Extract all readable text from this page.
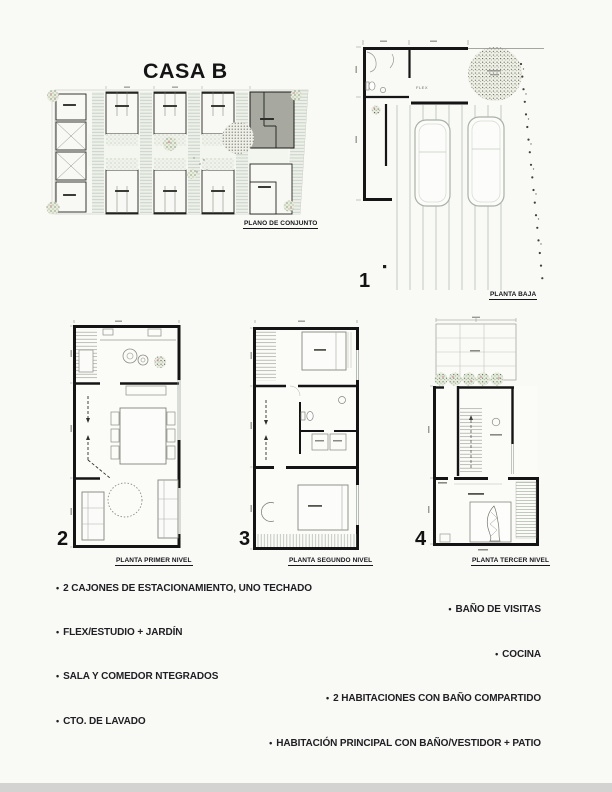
CASA B
PLANO DE CONJUNTO
FLEX
1
PLANTA BAJA
2
PLANTA PRIMER NIVEL
3
PLANTA SEGUNDO NIVEL
4
PLANTA TERCER NIVEL
• 2 CAJONES DE ESTACIONAMIENTO, UNO TECHADO
• FLEX/ESTUDIO + JARDÍN
• SALA Y COMEDOR NTEGRADOS
• CTO. DE LAVADO
• BAÑO DE VISITAS
• COCINA
• 2 HABITACIONES CON BAÑO COMPARTIDO
• HABITACIÓN PRINCIPAL CON BAÑO/VESTIDOR + PATIO
